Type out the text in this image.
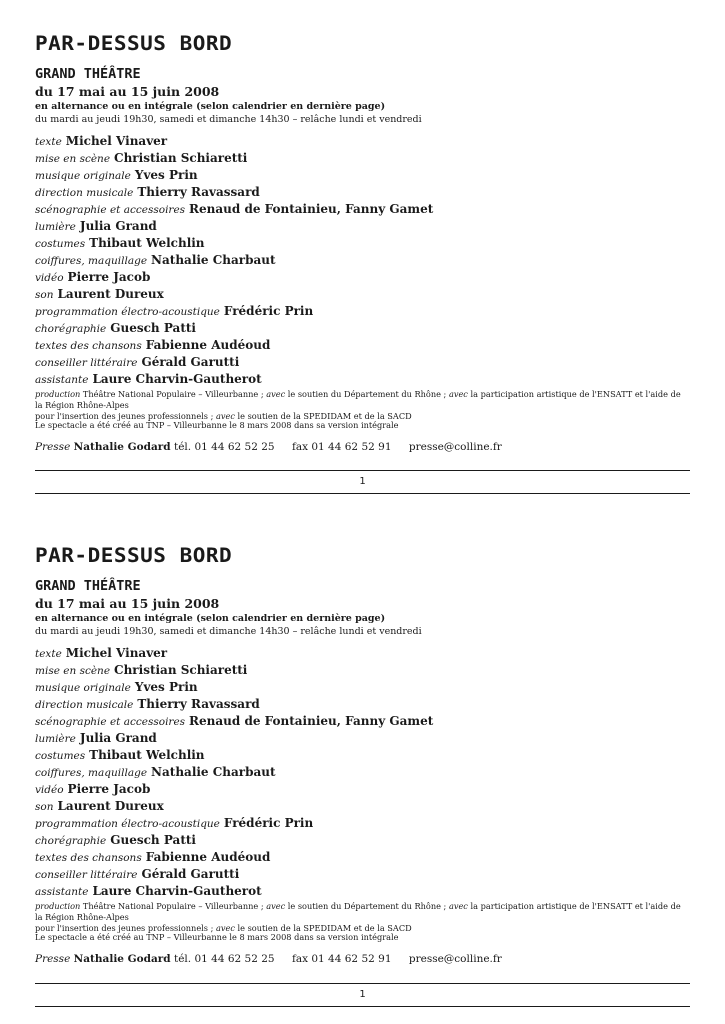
PAR-DESSUS BORD
GRAND THÉÂTRE
du 17 mai au 15 juin 2008
en alternance ou en intégrale (selon calendrier en dernière page)
du mardi au jeudi 19h30, samedi et dimanche 14h30 – relâche lundi et vendredi
texte Michel Vinaver
mise en scène Christian Schiaretti
musique originale Yves Prin
direction musicale Thierry Ravassard
scénographie et accessoires Renaud de Fontainieu, Fanny Gamet
lumière Julia Grand
costumes Thibaut Welchlin
coiffures, maquillage Nathalie Charbaut
vidéo Pierre Jacob
son Laurent Dureux
programmation électro-acoustique Frédéric Prin
chorégraphie Guesch Patti
textes des chansons Fabienne Audéoud
conseiller littéraire Gérald Garutti
assistante Laure Charvin-Gautherot
production Théâtre National Populaire – Villeurbanne ; avec le soutien du Département du Rhône ; avec la participation artistique de l'ENSATT et l'aide de la Région Rhône-Alpes
pour l'insertion des jeunes professionnels ; avec le soutien de la SPEDIDAM et de la SACD
Le spectacle a été créé au TNP – Villeurbanne le 8 mars 2008 dans sa version intégrale
Presse Nathalie Godard tél. 01 44 62 52 25 fax 01 44 62 52 91 presse@colline.fr
1
PAR-DESSUS BORD
GRAND THÉÂTRE
du 17 mai au 15 juin 2008
en alternance ou en intégrale (selon calendrier en dernière page)
du mardi au jeudi 19h30, samedi et dimanche 14h30 – relâche lundi et vendredi
texte Michel Vinaver
mise en scène Christian Schiaretti
musique originale Yves Prin
direction musicale Thierry Ravassard
scénographie et accessoires Renaud de Fontainieu, Fanny Gamet
lumière Julia Grand
costumes Thibaut Welchlin
coiffures, maquillage Nathalie Charbaut
vidéo Pierre Jacob
son Laurent Dureux
programmation électro-acoustique Frédéric Prin
chorégraphie Guesch Patti
textes des chansons Fabienne Audéoud
conseiller littéraire Gérald Garutti
assistante Laure Charvin-Gautherot
production Théâtre National Populaire – Villeurbanne ; avec le soutien du Département du Rhône ; avec la participation artistique de l'ENSATT et l'aide de la Région Rhône-Alpes
pour l'insertion des jeunes professionnels ; avec le soutien de la SPEDIDAM et de la SACD
Le spectacle a été créé au TNP – Villeurbanne le 8 mars 2008 dans sa version intégrale
Presse Nathalie Godard tél. 01 44 62 52 25 fax 01 44 62 52 91 presse@colline.fr
1
